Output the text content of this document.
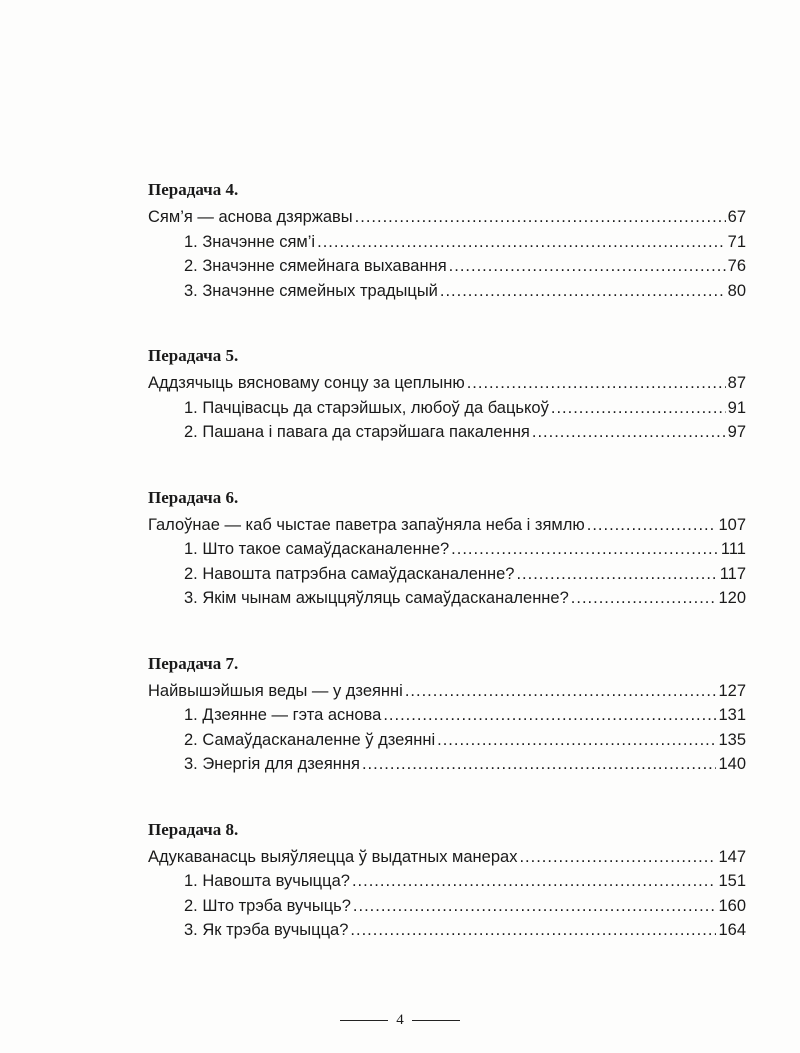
Перадача 4.
Сям’я — аснова дзяржавы .....	67
1. Значэнне сям’і .....	71
2. Значэнне сямейнага выхавання .....	76
3. Значэнне сямейных традыцый .....	80
Перадача 5.
Аддзячыць вясноваму сонцу за цеплыню .....	87
1. Пачцівасць да старэйшых, любоў да бацькоў .....	91
2. Пашана і павага да старэйшага пакалення .....	97
Перадача 6.
Галоўнае — каб чыстае паветра запаўняла неба і зямлю .....	107
1. Што такое самаўдасканаленне? .....	111
2. Навошта патрэбна самаўдасканаленне? .....	117
3. Якім чынам ажыццяўляць самаўдасканаленне? .....	120
Перадача 7.
Найвышэйшыя веды — у дзеянні .....	127
1. Дзеянне — гэта аснова .....	131
2. Самаўдасканаленне ў дзеянні .....	135
3. Энергія для дзеяння .....	140
Перадача 8.
Адукаванасць выяўляецца ў выдатных манерах .....	147
1. Навошта вучыцца? .....	151
2. Што трэба вучыць? .....	160
3. Як трэба вучыцца? .....	164
4
